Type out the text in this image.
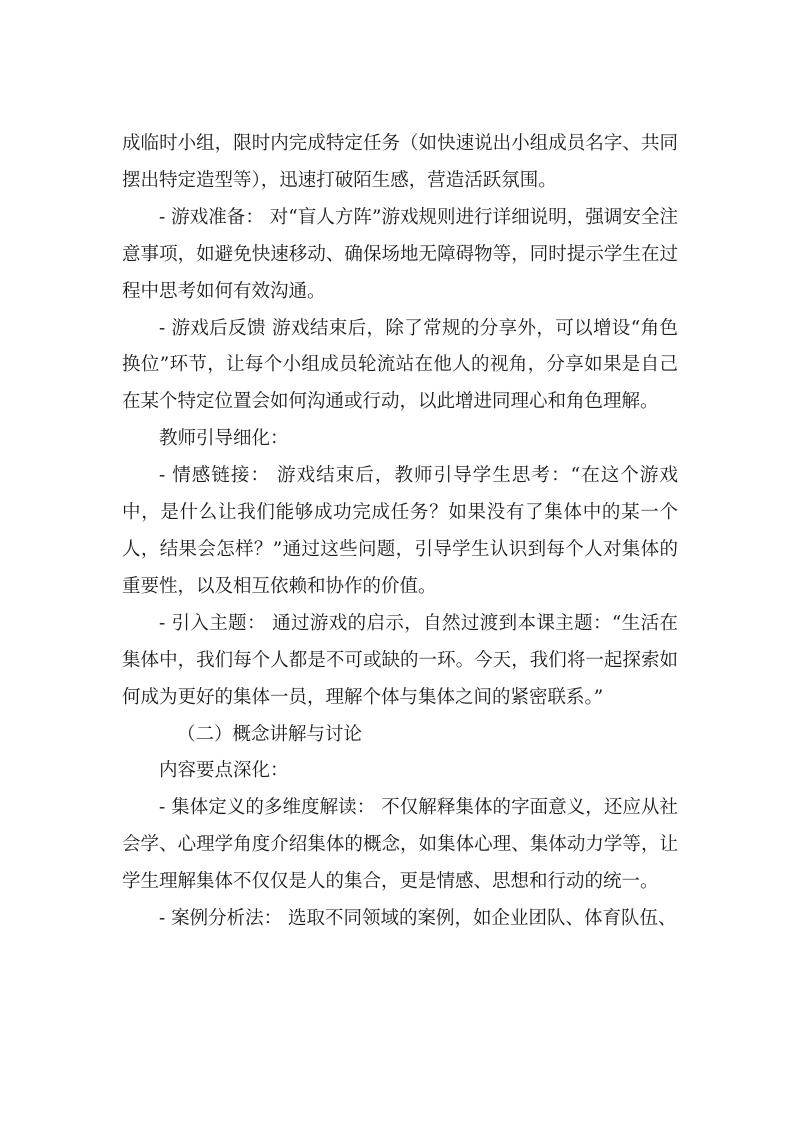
成临时小组，限时内完成特定任务（如快速说出小组成员名字、共同摆出特定造型等），迅速打破陌生感，营造活跃氛围。

- 游戏准备： 对“盲人方阵”游戏规则进行详细说明，强调安全注意事项，如避免快速移动、确保场地无障碍物等，同时提示学生在过程中思考如何有效沟通。

- 游戏后反馈 游戏结束后，除了常规的分享外，可以增设“角色换位”环节，让每个小组成员轮流站在他人的视角，分享如果是自己在某个特定位置会如何沟通或行动，以此增进同理心和角色理解。

教师引导细化：

- 情感链接： 游戏结束后，教师引导学生思考：“在这个游戏中，是什么让我们能够成功完成任务？如果没有了集体中的某一个人，结果会怎样？”通过这些问题，引导学生认识到每个人对集体的重要性，以及相互依赖和协作的价值。

- 引入主题： 通过游戏的启示，自然过渡到本课主题：“生活在集体中，我们每个人都是不可或缺的一环。今天，我们将一起探索如何成为更好的集体一员，理解个体与集体之间的紧密联系。”

（二）概念讲解与讨论

内容要点深化：

- 集体定义的多维度解读： 不仅解释集体的字面意义，还应从社会学、心理学角度介绍集体的概念，如集体心理、集体动力学等，让学生理解集体不仅仅是人的集合，更是情感、思想和行动的统一。

- 案例分析法： 选取不同领域的案例，如企业团队、体育队伍、
